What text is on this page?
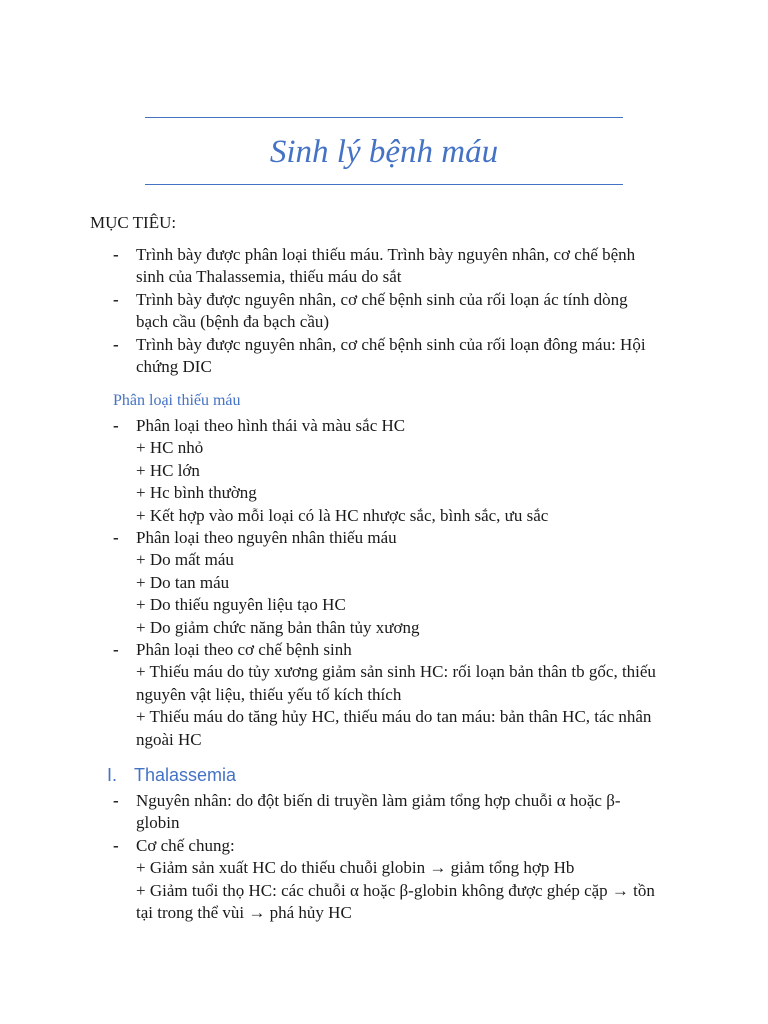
Sinh lý bệnh máu
MỤC TIÊU:
- Trình bày được phân loại thiếu máu. Trình bày nguyên nhân, cơ chế bệnh
sinh của Thalassemia, thiếu máu do sắt
- Trình bày được nguyên nhân, cơ chế bệnh sinh của rối loạn ác tính dòng
bạch cầu (bệnh đa bạch cầu)
- Trình bày được nguyên nhân, cơ chế bệnh sinh của rối loạn đông máu: Hội
chứng DIC
Phân loại thiếu máu
- Phân loại theo hình thái và màu sắc HC
+ HC nhỏ
+ HC lớn
+ Hc bình thường
+ Kết hợp vào mỗi loại có là HC nhược sắc, bình sắc, ưu sắc
- Phân loại theo nguyên nhân thiếu máu
+ Do mất máu
+ Do tan máu
+ Do thiếu nguyên liệu tạo HC
+ Do giảm chức năng bản thân tủy xương
- Phân loại theo cơ chế bệnh sinh
+ Thiếu máu do tủy xương giảm sản sinh HC: rối loạn bản thân tb gốc, thiếu
nguyên vật liệu, thiếu yếu tố kích thích
+ Thiếu máu do tăng hủy HC, thiếu máu do tan máu: bản thân HC, tác nhân
ngoài HC
I. Thalassemia
- Nguyên nhân: do đột biến di truyền làm giảm tổng hợp chuỗi α hoặc β-
globin
- Cơ chế chung:
+ Giảm sản xuất HC do thiếu chuỗi globin → giảm tổng hợp Hb
+ Giảm tuổi thọ HC: các chuỗi α hoặc β-globin không được ghép cặp → tồn
tại trong thể vùi → phá hủy HC
